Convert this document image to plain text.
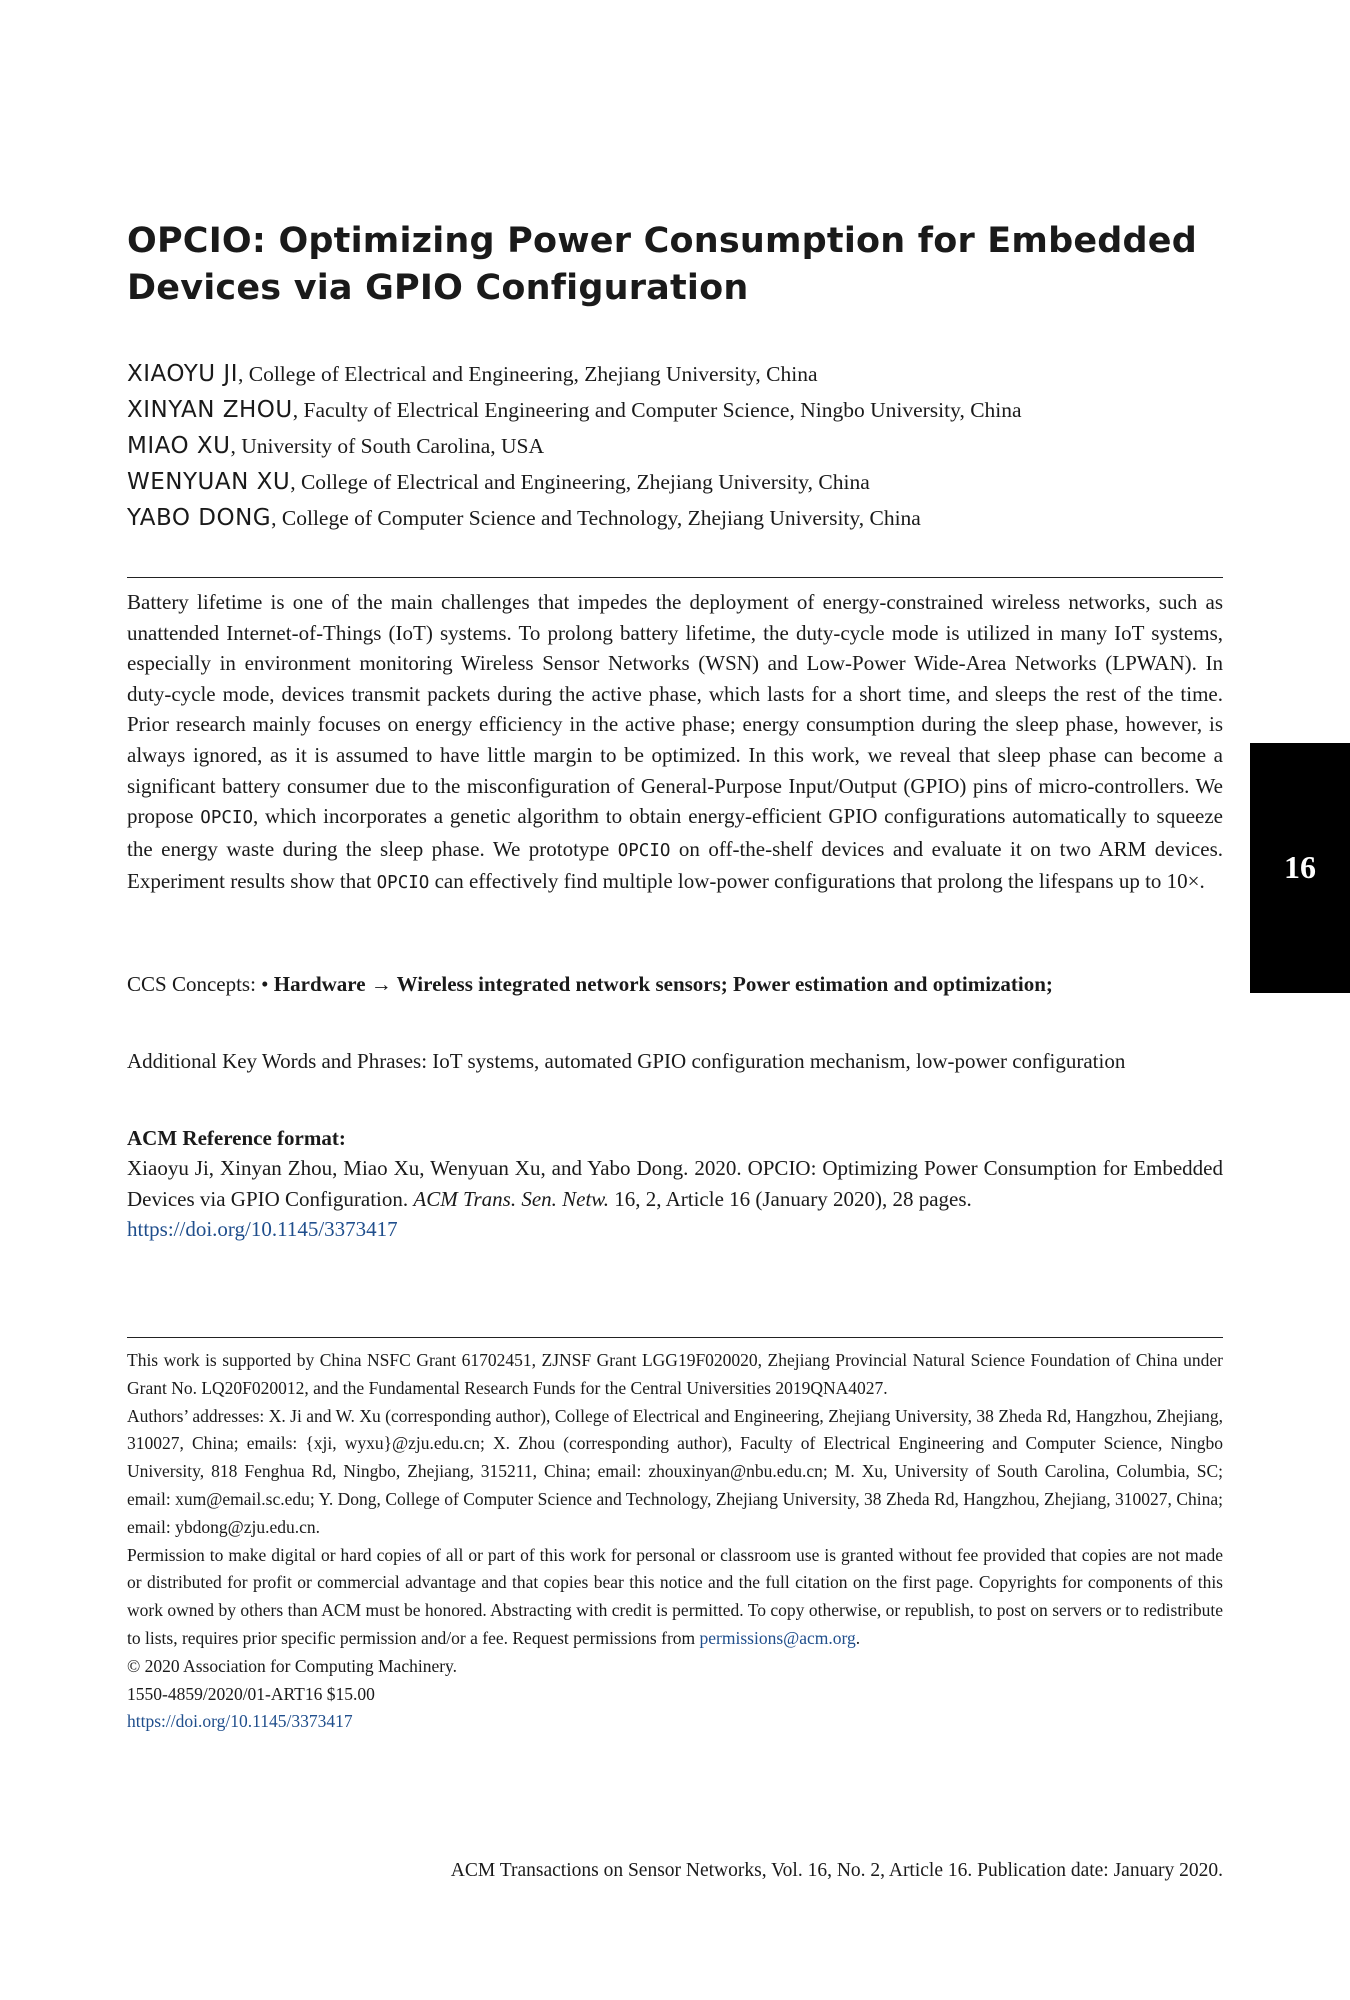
OPCIO: Optimizing Power Consumption for Embedded Devices via GPIO Configuration
XIAOYU JI, College of Electrical and Engineering, Zhejiang University, China
XINYAN ZHOU, Faculty of Electrical Engineering and Computer Science, Ningbo University, China
MIAO XU, University of South Carolina, USA
WENYUAN XU, College of Electrical and Engineering, Zhejiang University, China
YABO DONG, College of Computer Science and Technology, Zhejiang University, China

Battery lifetime is one of the main challenges that impedes the deployment of energy-constrained wireless networks, such as unattended Internet-of-Things (IoT) systems. To prolong battery lifetime, the duty-cycle mode is utilized in many IoT systems, especially in environment monitoring Wireless Sensor Networks (WSN) and Low-Power Wide-Area Networks (LPWAN). In duty-cycle mode, devices transmit packets during the active phase, which lasts for a short time, and sleeps the rest of the time. Prior research mainly focuses on energy efficiency in the active phase; energy consumption during the sleep phase, however, is always ignored, as it is assumed to have little margin to be optimized. In this work, we reveal that sleep phase can become a significant battery consumer due to the misconfiguration of General-Purpose Input/Output (GPIO) pins of micro-controllers. We propose OPCIO, which incorporates a genetic algorithm to obtain energy-efficient GPIO configurations automatically to squeeze the energy waste during the sleep phase. We prototype OPCIO on off-the-shelf devices and evaluate it on two ARM devices. Experiment results show that OPCIO can effectively find multiple low-power configurations that prolong the lifespans up to 10×.

CCS Concepts: • Hardware → Wireless integrated network sensors; Power estimation and optimization;

Additional Key Words and Phrases: IoT systems, automated GPIO configuration mechanism, low-power configuration

ACM Reference format:

Xiaoyu Ji, Xinyan Zhou, Miao Xu, Wenyuan Xu, and Yabo Dong. 2020. OPCIO: Optimizing Power Consumption for Embedded Devices via GPIO Configuration. ACM Trans. Sen. Netw. 16, 2, Article 16 (January 2020), 28 pages.
https://doi.org/10.1145/3373417

This work is supported by China NSFC Grant 61702451, ZJNSF Grant LGG19F020020, Zhejiang Provincial Natural Science Foundation of China under Grant No. LQ20F020012, and the Fundamental Research Funds for the Central Universities 2019QNA4027.

Authors’ addresses: X. Ji and W. Xu (corresponding author), College of Electrical and Engineering, Zhejiang University, 38 Zheda Rd, Hangzhou, Zhejiang, 310027, China; emails: {xji, wyxu}@zju.edu.cn; X. Zhou (corresponding author), Faculty of Electrical Engineering and Computer Science, Ningbo University, 818 Fenghua Rd, Ningbo, Zhejiang, 315211, China; email: zhouxinyan@nbu.edu.cn; M. Xu, University of South Carolina, Columbia, SC; email: xum@email.sc.edu; Y. Dong, College of Computer Science and Technology, Zhejiang University, 38 Zheda Rd, Hangzhou, Zhejiang, 310027, China; email: ybdong@zju.edu.cn.

Permission to make digital or hard copies of all or part of this work for personal or classroom use is granted without fee provided that copies are not made or distributed for profit or commercial advantage and that copies bear this notice and the full citation on the first page. Copyrights for components of this work owned by others than ACM must be honored. Abstracting with credit is permitted. To copy otherwise, or republish, to post on servers or to redistribute to lists, requires prior specific permission and/or a fee. Request permissions from permissions@acm.org.

© 2020 Association for Computing Machinery.

1550-4859/2020/01-ART16 $15.00

https://doi.org/10.1145/3373417

ACM Transactions on Sensor Networks, Vol. 16, No. 2, Article 16. Publication date: January 2020.
16
